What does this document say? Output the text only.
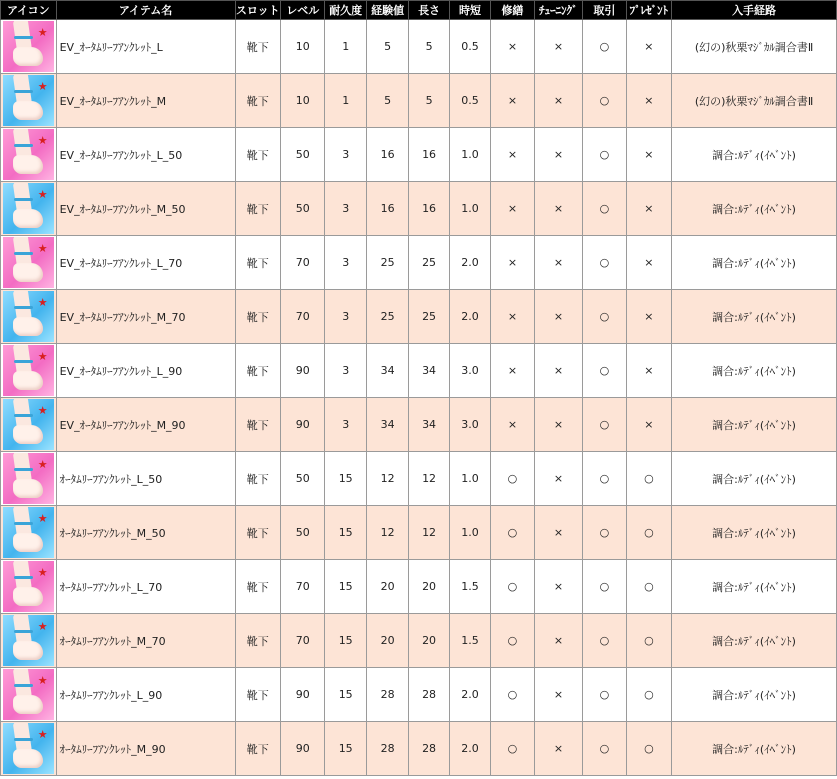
アイコン	アイテム名	スロット	レベル	耐久度	経験値	長さ	時短	修繕	ﾁｭｰﾆﾝｸﾞ	取引	ﾌﾟﾚｾﾞﾝﾄ	入手経路

★	EV_ｵｰﾀﾑﾘｰﾌｱﾝｸﾚｯﾄ_L	靴下	10	1	5	5	0.5	×	×	○	×	(幻の)秋栗ﾏｼﾞｶﾙ調合書Ⅱ

★	EV_ｵｰﾀﾑﾘｰﾌｱﾝｸﾚｯﾄ_M	靴下	10	1	5	5	0.5	×	×	○	×	(幻の)秋栗ﾏｼﾞｶﾙ調合書Ⅱ

★	EV_ｵｰﾀﾑﾘｰﾌｱﾝｸﾚｯﾄ_L_50	靴下	50	3	16	16	1.0	×	×	○	×	調合:ﾙﾃﾞｨ(ｲﾍﾞﾝﾄ)

★	EV_ｵｰﾀﾑﾘｰﾌｱﾝｸﾚｯﾄ_M_50	靴下	50	3	16	16	1.0	×	×	○	×	調合:ﾙﾃﾞｨ(ｲﾍﾞﾝﾄ)

★	EV_ｵｰﾀﾑﾘｰﾌｱﾝｸﾚｯﾄ_L_70	靴下	70	3	25	25	2.0	×	×	○	×	調合:ﾙﾃﾞｨ(ｲﾍﾞﾝﾄ)

★	EV_ｵｰﾀﾑﾘｰﾌｱﾝｸﾚｯﾄ_M_70	靴下	70	3	25	25	2.0	×	×	○	×	調合:ﾙﾃﾞｨ(ｲﾍﾞﾝﾄ)

★	EV_ｵｰﾀﾑﾘｰﾌｱﾝｸﾚｯﾄ_L_90	靴下	90	3	34	34	3.0	×	×	○	×	調合:ﾙﾃﾞｨ(ｲﾍﾞﾝﾄ)

★	EV_ｵｰﾀﾑﾘｰﾌｱﾝｸﾚｯﾄ_M_90	靴下	90	3	34	34	3.0	×	×	○	×	調合:ﾙﾃﾞｨ(ｲﾍﾞﾝﾄ)

★	ｵｰﾀﾑﾘｰﾌｱﾝｸﾚｯﾄ_L_50	靴下	50	15	12	12	1.0	○	×	○	○	調合:ﾙﾃﾞｨ(ｲﾍﾞﾝﾄ)

★	ｵｰﾀﾑﾘｰﾌｱﾝｸﾚｯﾄ_M_50	靴下	50	15	12	12	1.0	○	×	○	○	調合:ﾙﾃﾞｨ(ｲﾍﾞﾝﾄ)

★	ｵｰﾀﾑﾘｰﾌｱﾝｸﾚｯﾄ_L_70	靴下	70	15	20	20	1.5	○	×	○	○	調合:ﾙﾃﾞｨ(ｲﾍﾞﾝﾄ)

★	ｵｰﾀﾑﾘｰﾌｱﾝｸﾚｯﾄ_M_70	靴下	70	15	20	20	1.5	○	×	○	○	調合:ﾙﾃﾞｨ(ｲﾍﾞﾝﾄ)

★	ｵｰﾀﾑﾘｰﾌｱﾝｸﾚｯﾄ_L_90	靴下	90	15	28	28	2.0	○	×	○	○	調合:ﾙﾃﾞｨ(ｲﾍﾞﾝﾄ)

★	ｵｰﾀﾑﾘｰﾌｱﾝｸﾚｯﾄ_M_90	靴下	90	15	28	28	2.0	○	×	○	○	調合:ﾙﾃﾞｨ(ｲﾍﾞﾝﾄ)
